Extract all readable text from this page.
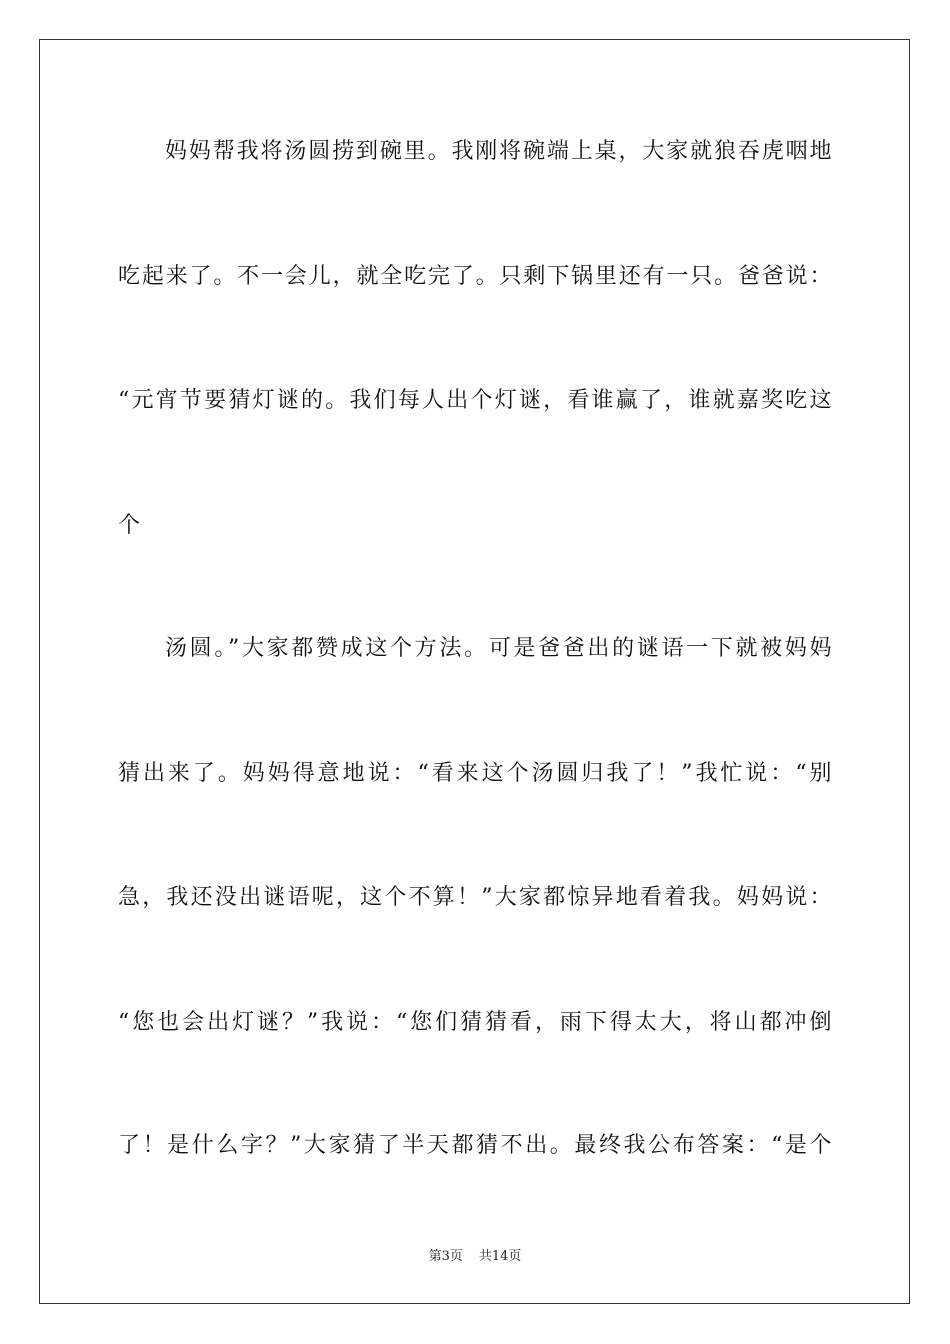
妈妈帮我将汤圆捞到碗里。我刚将碗端上桌，大家就狼吞虎咽地
吃起来了。不一会儿，就全吃完了。只剩下锅里还有一只。爸爸说：
“元宵节要猜灯谜的。我们每人出个灯谜，看谁赢了，谁就嘉奖吃这
个
汤圆。”大家都赞成这个方法。可是爸爸出的谜语一下就被妈妈
猜出来了。妈妈得意地说：“看来这个汤圆归我了！”我忙说：“别
急，我还没出谜语呢，这个不算！”大家都惊异地看着我。妈妈说：
“您也会出灯谜？”我说：“您们猜猜看，雨下得太大，将山都冲倒
了！是什么字？”大家猜了半天都猜不出。最终我公布答案：“是个
第3页 共14页
